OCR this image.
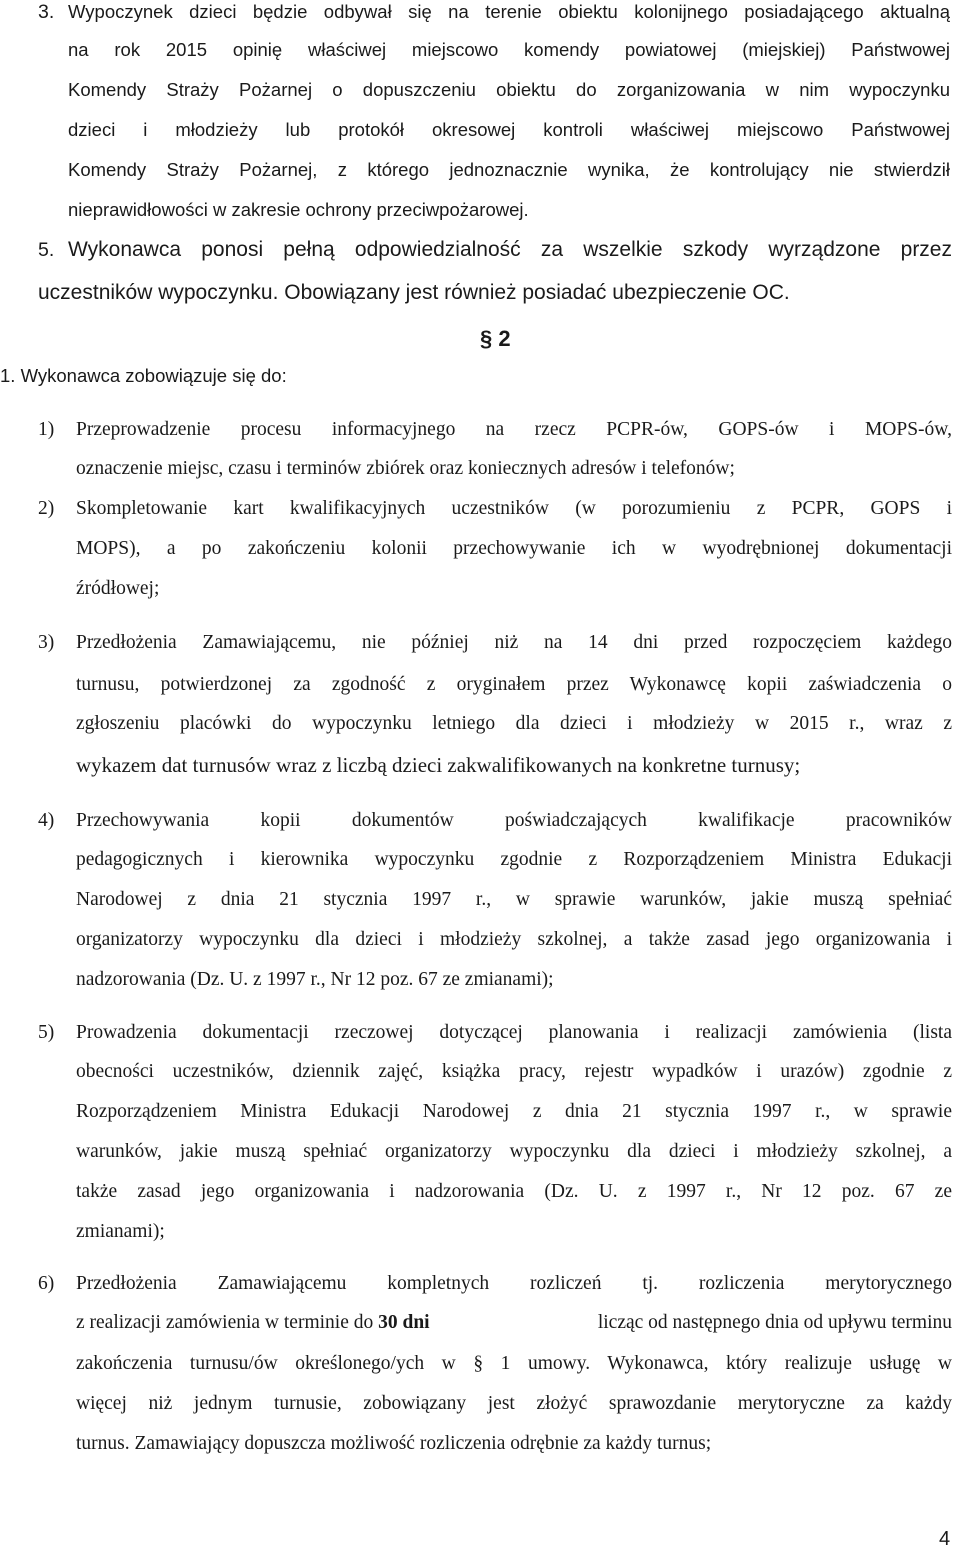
3. Wypoczynek dzieci będzie odbywał się na terenie obiektu kolonijnego posiadającego aktualną
na rok 2015 opinię właściwej miejscowo komendy powiatowej (miejskiej) Państwowej
Komendy Straży Pożarnej o dopuszczeniu obiektu do zorganizowania w nim wypoczynku
dzieci i młodzieży lub protokół okresowej kontroli właściwej miejscowo Państwowej
Komendy Straży Pożarnej, z którego jednoznacznie wynika, że kontrolujący nie stwierdził
nieprawidłowości w zakresie ochrony przeciwpożarowej.
5. Wykonawca ponosi pełną odpowiedzialność za wszelkie szkody wyrządzone przez
uczestników wypoczynku. Obowiązany jest również posiadać ubezpieczenie OC.
§ 2
1. Wykonawca zobowiązuje się do:
1) Przeprowadzenie procesu informacyjnego na rzecz PCPR-ów, GOPS-ów i MOPS-ów,
oznaczenie miejsc, czasu i terminów zbiórek oraz koniecznych adresów i telefonów;
2) Skompletowanie kart kwalifikacyjnych uczestników (w porozumieniu z PCPR, GOPS i
MOPS), a po zakończeniu kolonii przechowywanie ich w wyodrębnionej dokumentacji
źródłowej;
3) Przedłożenia Zamawiającemu, nie później niż na 14 dni przed rozpoczęciem każdego
turnusu, potwierdzonej za zgodność z oryginałem przez Wykonawcę kopii zaświadczenia o
zgłoszeniu placówki do wypoczynku letniego dla dzieci i młodzieży w 2015 r., wraz z
wykazem dat turnusów wraz z liczbą dzieci zakwalifikowanych na konkretne turnusy;
4) Przechowywania kopii dokumentów poświadczających kwalifikacje pracowników
pedagogicznych i kierownika wypoczynku zgodnie z Rozporządzeniem Ministra Edukacji
Narodowej z dnia 21 stycznia 1997 r., w sprawie warunków, jakie muszą spełniać
organizatorzy wypoczynku dla dzieci i młodzieży szkolnej, a także zasad jego organizowania i
nadzorowania (Dz. U. z 1997 r., Nr 12 poz. 67 ze zmianami);
5) Prowadzenia dokumentacji rzeczowej dotyczącej planowania i realizacji zamówienia (lista
obecności uczestników, dziennik zajęć, książka pracy, rejestr wypadków i urazów) zgodnie z
Rozporządzeniem Ministra Edukacji Narodowej z dnia 21 stycznia 1997 r., w sprawie
warunków, jakie muszą spełniać organizatorzy wypoczynku dla dzieci i młodzieży szkolnej, a
także zasad jego organizowania i nadzorowania (Dz. U. z 1997 r., Nr 12 poz. 67 ze
zmianami);
6) Przedłożenia Zamawiającemu kompletnych rozliczeń tj. rozliczenia merytorycznego
z realizacji zamówienia w terminie do 30 dni	licząc od następnego dnia od upływu terminu
zakończenia turnusu/ów określonego/ych w § 1 umowy. Wykonawca, który realizuje usługę w
więcej niż jednym turnusie, zobowiązany jest złożyć sprawozdanie merytoryczne za każdy
turnus. Zamawiający dopuszcza możliwość rozliczenia odrębnie za każdy turnus;
4
